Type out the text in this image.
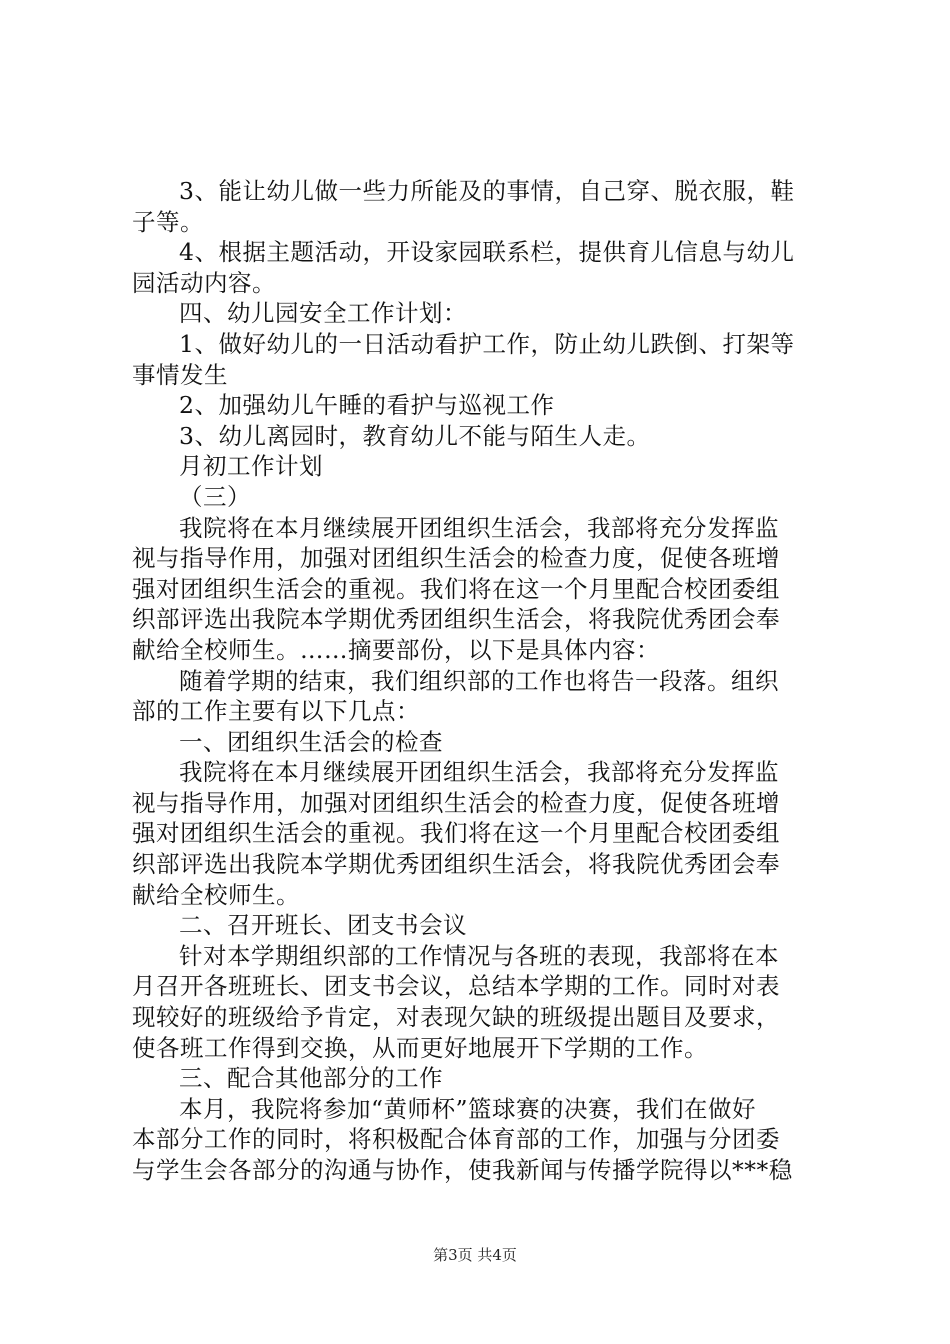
3、能让幼儿做一些力所能及的事情，自己穿、脱衣服，鞋
子等。
4、根据主题活动，开设家园联系栏，提供育儿信息与幼儿
园活动内容。
四、幼儿园安全工作计划：
1、做好幼儿的一日活动看护工作，防止幼儿跌倒、打架等
事情发生
2、加强幼儿午睡的看护与巡视工作
3、幼儿离园时，教育幼儿不能与陌生人走。
月初工作计划
（三）
我院将在本月继续展开团组织生活会，我部将充分发挥监
视与指导作用，加强对团组织生活会的检查力度，促使各班增
强对团组织生活会的重视。我们将在这一个月里配合校团委组
织部评选出我院本学期优秀团组织生活会，将我院优秀团会奉
献给全校师生。……摘要部份，以下是具体内容：
随着学期的结束，我们组织部的工作也将告一段落。组织
部的工作主要有以下几点：
一、团组织生活会的检查
我院将在本月继续展开团组织生活会，我部将充分发挥监
视与指导作用，加强对团组织生活会的检查力度，促使各班增
强对团组织生活会的重视。我们将在这一个月里配合校团委组
织部评选出我院本学期优秀团组织生活会，将我院优秀团会奉
献给全校师生。
二、召开班长、团支书会议
针对本学期组织部的工作情况与各班的表现，我部将在本
月召开各班班长、团支书会议，总结本学期的工作。同时对表
现较好的班级给予肯定，对表现欠缺的班级提出题目及要求，
使各班工作得到交换，从而更好地展开下学期的工作。
三、配合其他部分的工作
本月，我院将参加“黄师杯”篮球赛的决赛，我们在做好
本部分工作的同时，将积极配合体育部的工作，加强与分团委
与学生会各部分的沟通与协作，使我新闻与传播学院得以***稳
第3页 共4页
